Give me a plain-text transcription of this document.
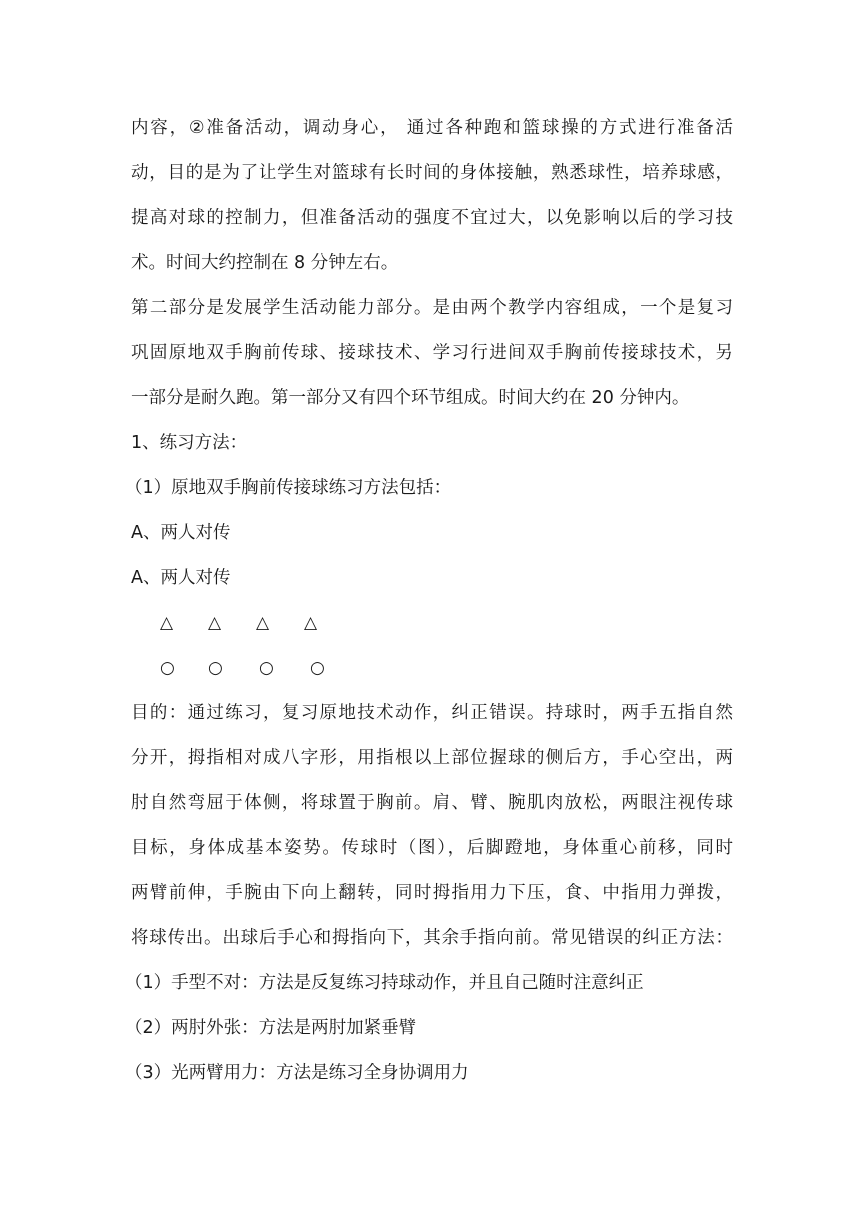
内容，②准备活动，调动身心， 通过各种跑和篮球操的方式进行准备活
动，目的是为了让学生对篮球有长时间的身体接触，熟悉球性，培养球感，
提高对球的控制力，但准备活动的强度不宜过大，以免影响以后的学习技
术。时间大约控制在 8 分钟左右。
第二部分是发展学生活动能力部分。是由两个教学内容组成，一个是复习
巩固原地双手胸前传球、接球技术、学习行进间双手胸前传接球技术，另
一部分是耐久跑。第一部分又有四个环节组成。时间大约在 20 分钟内。
1、练习方法：
（1）原地双手胸前传接球练习方法包括：
A、两人对传
A、两人对传
△ △ △ △
○ ○ ○ ○
目的：通过练习，复习原地技术动作，纠正错误。持球时，两手五指自然
分开，拇指相对成八字形，用指根以上部位握球的侧后方，手心空出，两
肘自然弯屈于体侧，将球置于胸前。肩、臂、腕肌肉放松，两眼注视传球
目标，身体成基本姿势。传球时（图），后脚蹬地，身体重心前移，同时
两臂前伸，手腕由下向上翻转，同时拇指用力下压，食、中指用力弹拨，
将球传出。出球后手心和拇指向下，其余手指向前。常见错误的纠正方法：
（1）手型不对：方法是反复练习持球动作，并且自己随时注意纠正
（2）两肘外张：方法是两肘加紧垂臂
（3）光两臂用力：方法是练习全身协调用力
